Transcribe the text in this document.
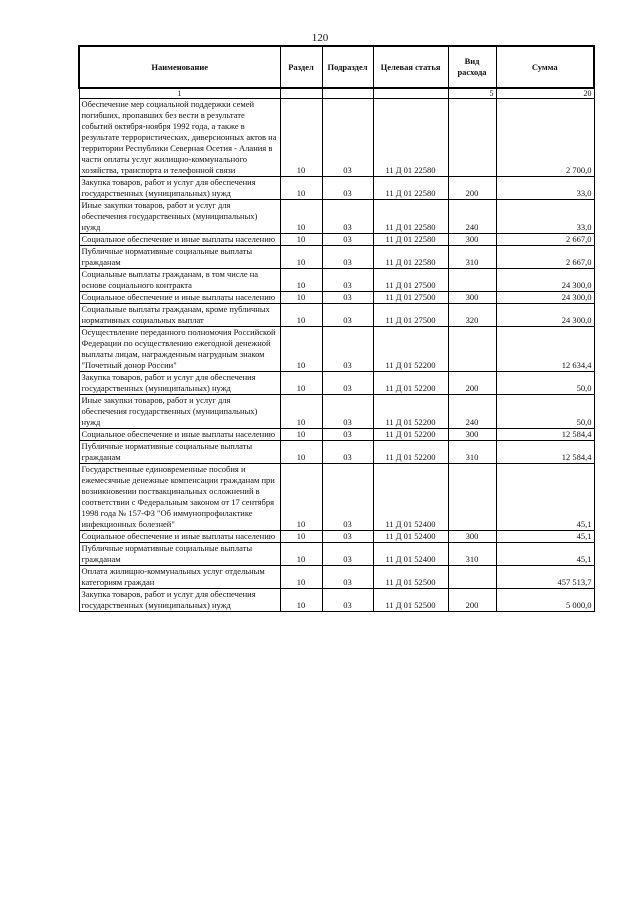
120
Наименование	Раздел	Подраздел	Целевая статья	Вид расхода	Сумма
1				5	20
Обеспечение мер социальной поддержки семей погибших, пропавших без вести в результате событий октября-ноября 1992 года, а также в результате террористических, диверсионных актов на территории Республики Северная Осетия - Алания в части оплаты услуг жилищно-коммунального хозяйства, транспорта и телефонной связи	10	03	11 Д 01 22580		2 700,0
Закупка товаров, работ и услуг для обеспечения государственных (муниципальных) нужд	10	03	11 Д 01 22580	200	33,0
Иные закупки товаров, работ и услуг для обеспечения государственных (муниципальных) нужд	10	03	11 Д 01 22580	240	33,0
Социальное обеспечение и иные выплаты населению	10	03	11 Д 01 22580	300	2 667,0
Публичные нормативные социальные выплаты гражданам	10	03	11 Д 01 22580	310	2 667,0
Социальные выплаты гражданам, в том числе на основе социального контракта	10	03	11 Д 01 27500		24 300,0
Социальное обеспечение и иные выплаты населению	10	03	11 Д 01 27500	300	24 300,0
Социальные выплаты гражданам, кроме публичных нормативных социальных выплат	10	03	11 Д 01 27500	320	24 300,0
Осуществление переданного полномочия Российской Федерации по осуществлению ежегодной денежной выплаты лицам, награжденным нагрудным знаком "Почетный донор России"	10	03	11 Д 01 52200		12 634,4
Закупка товаров, работ и услуг для обеспечения государственных (муниципальных) нужд	10	03	11 Д 01 52200	200	50,0
Иные закупки товаров, работ и услуг для обеспечения государственных (муниципальных) нужд	10	03	11 Д 01 52200	240	50,0
Социальное обеспечение и иные выплаты населению	10	03	11 Д 01 52200	300	12 584,4
Публичные нормативные социальные выплаты гражданам	10	03	11 Д 01 52200	310	12 584,4
Государственные единовременные пособия и ежемесячные денежные компенсации гражданам при возникновении поствакцинальных осложнений в соответствии с Федеральным законом от 17 сентября 1998 года № 157-ФЗ "Об иммунопрофилактике инфекционных болезней"	10	03	11 Д 01 52400		45,1
Социальное обеспечение и иные выплаты населению	10	03	11 Д 01 52400	300	45,1
Публичные нормативные социальные выплаты гражданам	10	03	11 Д 01 52400	310	45,1
Оплата жилищно-коммунальных услуг отдельным категориям граждан	10	03	11 Д 01 52500		457 513,7
Закупка товаров, работ и услуг для обеспечения государственных (муниципальных) нужд	10	03	11 Д 01 52500	200	5 000,0
